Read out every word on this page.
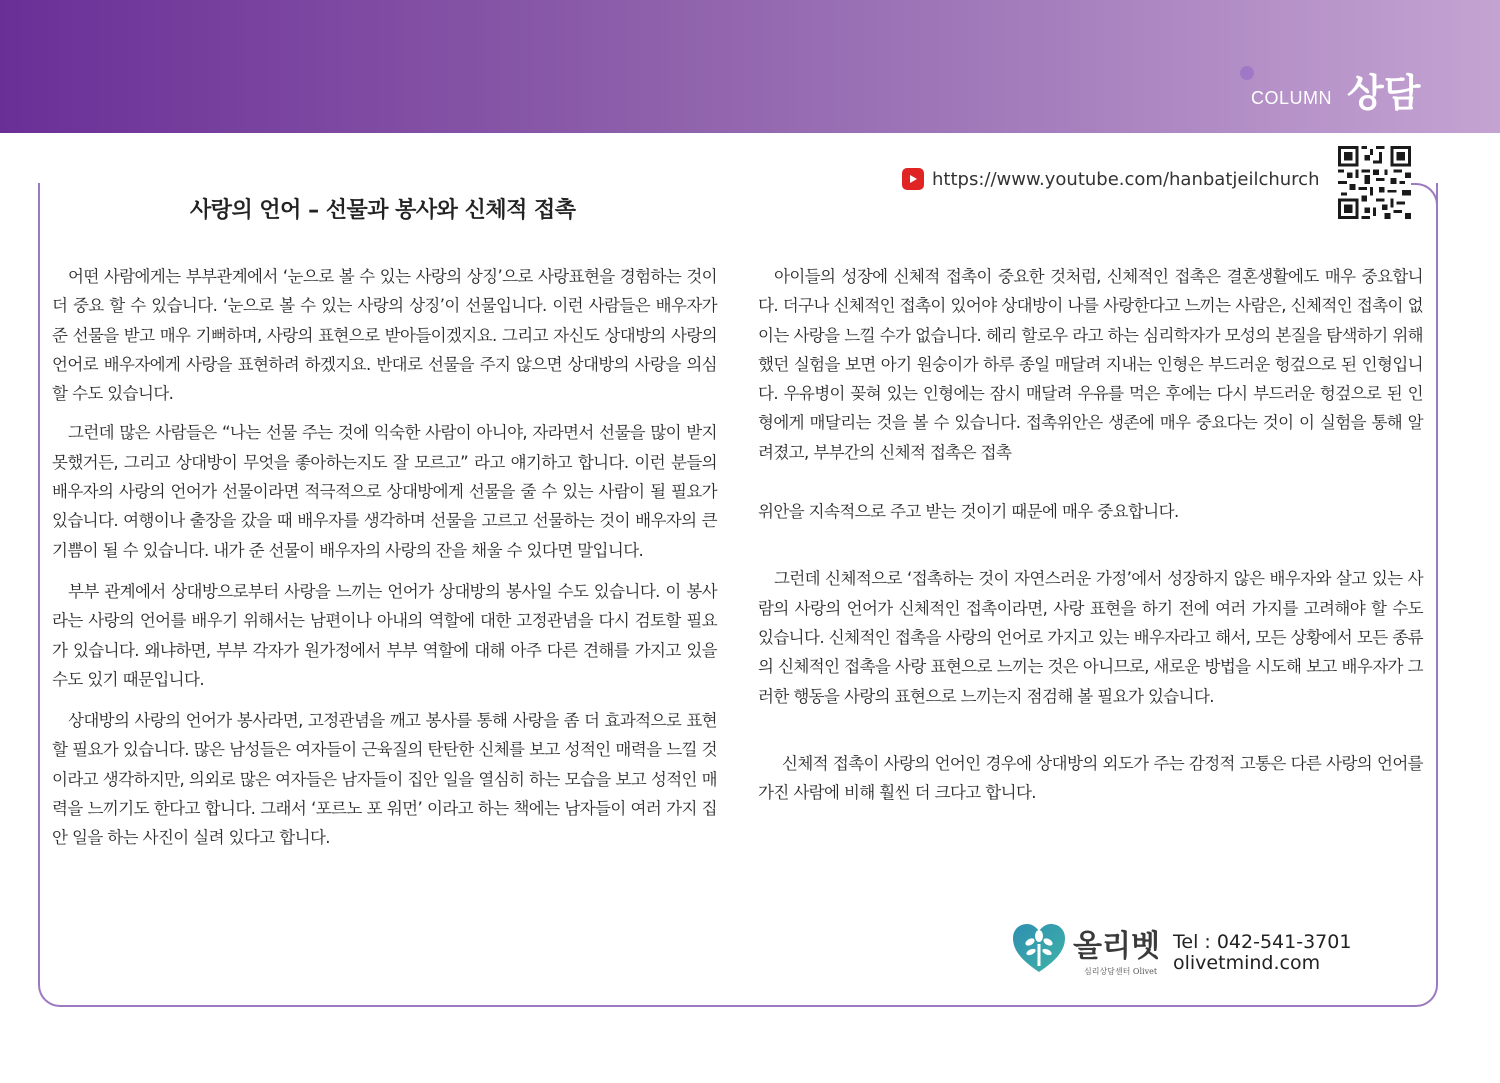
COLUMN 상담
사랑의 언어 – 선물과 봉사와 신체적 접촉
https://www.youtube.com/hanbatjeilchurch

어떤 사람에게는 부부관계에서 ‘눈으로 볼 수 있는 사랑의 상징’으로 사랑표현을 경험하는 것이 더 중요 할 수 있습니다. ‘눈으로 볼 수 있는 사랑의 상징’이 선물입니다. 이런 사람들은 배우자가 준 선물을 받고 매우 기뻐하며, 사랑의 표현으로 받아들이겠지요. 그리고 자신도 상대방의 사랑의 언어로 배우자에게 사랑을 표현하려 하겠지요. 반대로 선물을 주지 않으면 상대방의 사랑을 의심할 수도 있습니다.

그런데 많은 사람들은 “나는 선물 주는 것에 익숙한 사람이 아니야, 자라면서 선물을 많이 받지 못했거든, 그리고 상대방이 무엇을 좋아하는지도 잘 모르고” 라고 얘기하고 합니다. 이런 분들의 배우자의 사랑의 언어가 선물이라면 적극적으로 상대방에게 선물을 줄 수 있는 사람이 될 필요가 있습니다. 여행이나 출장을 갔을 때 배우자를 생각하며 선물을 고르고 선물하는 것이 배우자의 큰 기쁨이 될 수 있습니다. 내가 준 선물이 배우자의 사랑의 잔을 채울 수 있다면 말입니다.

부부 관계에서 상대방으로부터 사랑을 느끼는 언어가 상대방의 봉사일 수도 있습니다. 이 봉사라는 사랑의 언어를 배우기 위해서는 남편이나 아내의 역할에 대한 고정관념을 다시 검토할 필요가 있습니다. 왜냐하면, 부부 각자가 원가정에서 부부 역할에 대해 아주 다른 견해를 가지고 있을 수도 있기 때문입니다.

상대방의 사랑의 언어가 봉사라면, 고정관념을 깨고 봉사를 통해 사랑을 좀 더 효과적으로 표현할 필요가 있습니다. 많은 남성들은 여자들이 근육질의 탄탄한 신체를 보고 성적인 매력을 느낄 것이라고 생각하지만, 의외로 많은 여자들은 남자들이 집안 일을 열심히 하는 모습을 보고 성적인 매력을 느끼기도 한다고 합니다. 그래서 ‘포르노 포 워먼’ 이라고 하는 책에는 남자들이 여러 가지 집안 일을 하는 사진이 실려 있다고 합니다.

아이들의 성장에 신체적 접촉이 중요한 것처럼, 신체적인 접촉은 결혼생활에도 매우 중요합니다. 더구나 신체적인 접촉이 있어야 상대방이 나를 사랑한다고 느끼는 사람은, 신체적인 접촉이 없이는 사랑을 느낄 수가 없습니다. 헤리 할로우 라고 하는 심리학자가 모성의 본질을 탐색하기 위해 했던 실험을 보면 아기 원숭이가 하루 종일 매달려 지내는 인형은 부드러운 헝겊으로 된 인형입니다. 우유병이 꽂혀 있는 인형에는 잠시 매달려 우유를 먹은 후에는 다시 부드러운 헝겊으로 된 인형에게 매달리는 것을 볼 수 있습니다. 접촉위안은 생존에 매우 중요다는 것이 이 실험을 통해 알려졌고, 부부간의 신체적 접촉은 접촉

위안을 지속적으로 주고 받는 것이기 때문에 매우 중요합니다.

그런데 신체적으로 ‘접촉하는 것이 자연스러운 가정’에서 성장하지 않은 배우자와 살고 있는 사람의 사랑의 언어가 신체적인 접촉이라면, 사랑 표현을 하기 전에 여러 가지를 고려해야 할 수도 있습니다. 신체적인 접촉을 사랑의 언어로 가지고 있는 배우자라고 해서, 모든 상황에서 모든 종류의 신체적인 접촉을 사랑 표현으로 느끼는 것은 아니므로, 새로운 방법을 시도해 보고 배우자가 그러한 행동을 사랑의 표현으로 느끼는지 점검해 볼 필요가 있습니다.

신체적 접촉이 사랑의 언어인 경우에 상대방의 외도가 주는 감정적 고통은 다른 사랑의 언어를 가진 사람에 비해 훨씬 더 크다고 합니다.

올리벳
심리상담센터 Olivet
Tel : 042-541-3701
olivetmind.com
